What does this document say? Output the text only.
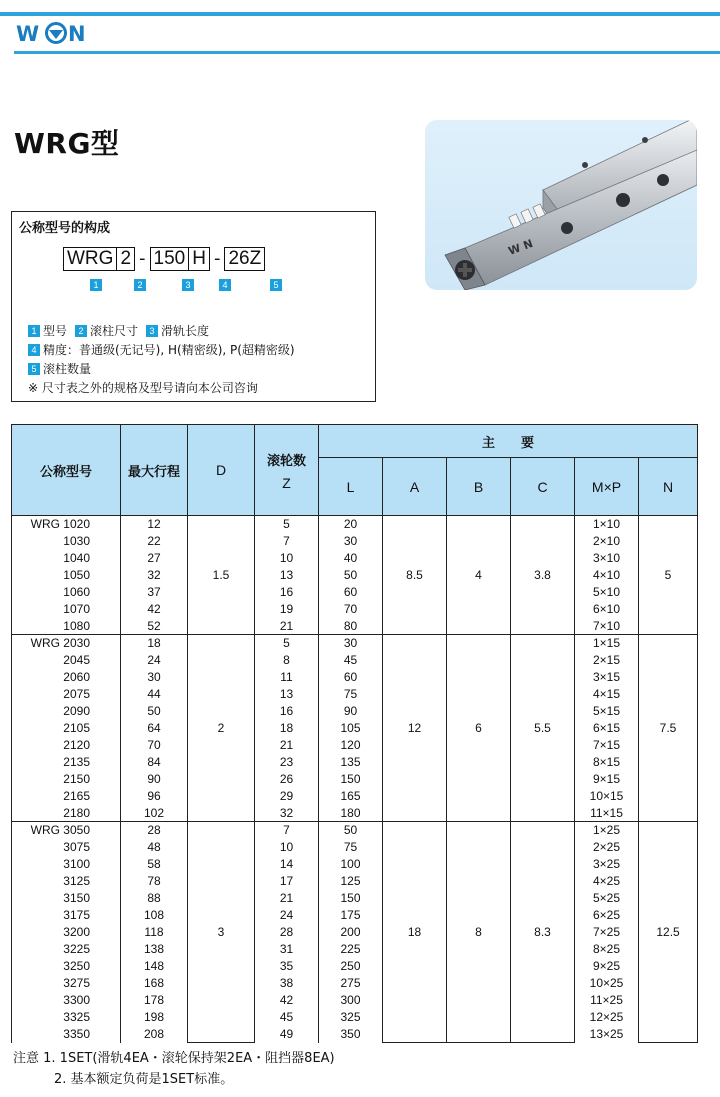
W N
WRG型
W N
公称型号的构成
WRG 2 - 150 H - 26Z
1	2	3	4	5
1 型号	2 滚柱尺寸	3 滑轨长度
4 精度：普通级(无记号), H(精密级), P(超精密级)
5 滚柱数量
※ 尺寸表之外的规格及型号请向本公司咨询
公称型号	最大行程	D	滚轮数
Z	主　　要					
				L	A	B	C	M×P	N
WRG 1020	12	1.5	5	20	8.5	4	3.8	1×10	5
1030	22		7	30				2×10	
1040	27		10	40				3×10	
1050	32		13	50				4×10	
1060	37		16	60				5×10	
1070	42		19	70				6×10	
1080	52		21	80				7×10	
WRG 2030	18	2	5	30	12	6	5.5	1×15	7.5
2045	24		8	45				2×15	
2060	30		11	60				3×15	
2075	44		13	75				4×15	
2090	50		16	90				5×15	
2105	64		18	105				6×15	
2120	70		21	120				7×15	
2135	84		23	135				8×15	
2150	90		26	150				9×15	
2165	96		29	165				10×15	
2180	102		32	180				11×15	
WRG 3050	28	3	7	50	18	8	8.3	1×25	12.5
3075	48		10	75				2×25	
3100	58		14	100				3×25	
3125	78		17	125				4×25	
3150	88		21	150				5×25	
3175	108		24	175				6×25	
3200	118		28	200				7×25	
3225	138		31	225				8×25	
3250	148		35	250				9×25	
3275	168		38	275				10×25	
3300	178		42	300				11×25	
3325	198		45	325				12×25	
3350	208		49	350				13×25	
注意 1. 1SET(滑轨4EA・滚轮保持架2EA・阻挡器8EA)
2. 基本额定负荷是1SET标准。
